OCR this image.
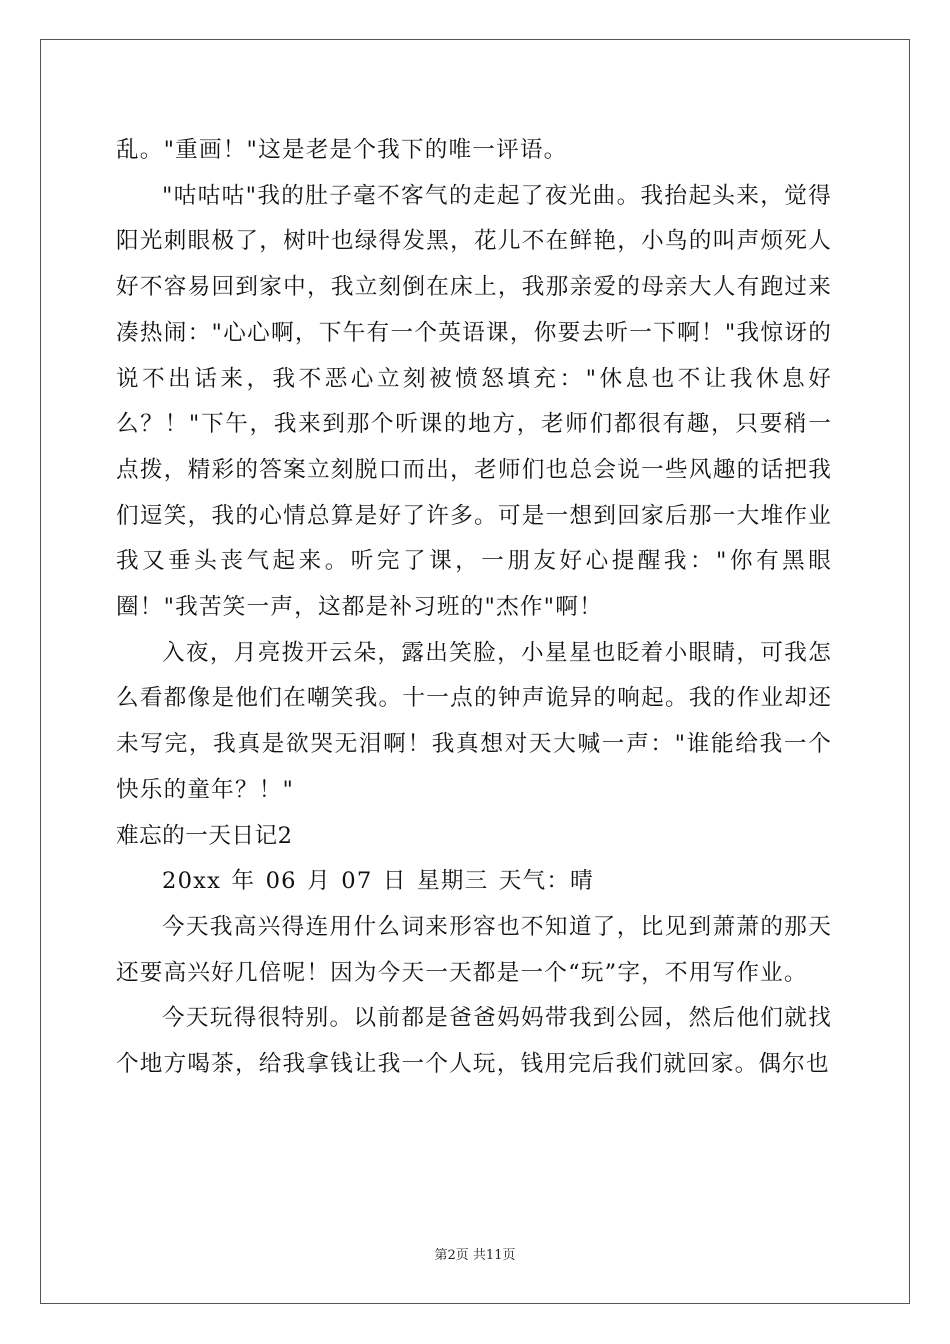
乱。"重画！"这是老是个我下的唯一评语。

"咕咕咕"我的肚子毫不客气的走起了夜光曲。我抬起头来，觉得阳光刺眼极了，树叶也绿得发黑，花儿不在鲜艳，小鸟的叫声烦死人好不容易回到家中，我立刻倒在床上，我那亲爱的母亲大人有跑过来凑热闹："心心啊，下午有一个英语课，你要去听一下啊！"我惊讶的说不出话来，我不恶心立刻被愤怒填充："休息也不让我休息好么？！"下午，我来到那个听课的地方，老师们都很有趣，只要稍一点拨，精彩的答案立刻脱口而出，老师们也总会说一些风趣的话把我们逗笑，我的心情总算是好了许多。可是一想到回家后那一大堆作业我又垂头丧气起来。听完了课，一朋友好心提醒我："你有黑眼圈！"我苦笑一声，这都是补习班的"杰作"啊！

入夜，月亮拨开云朵，露出笑脸，小星星也眨着小眼睛，可我怎么看都像是他们在嘲笑我。十一点的钟声诡异的响起。我的作业却还未写完，我真是欲哭无泪啊！我真想对天大喊一声："谁能给我一个快乐的童年？！"

难忘的一天日记2

20xx 年 06 月 07 日 星期三 天气：晴

今天我高兴得连用什么词来形容也不知道了，比见到萧萧的那天还要高兴好几倍呢！因为今天一天都是一个“玩”字，不用写作业。

今天玩得很特别。以前都是爸爸妈妈带我到公园，然后他们就找个地方喝茶，给我拿钱让我一个人玩，钱用完后我们就回家。偶尔也

第2页 共11页
